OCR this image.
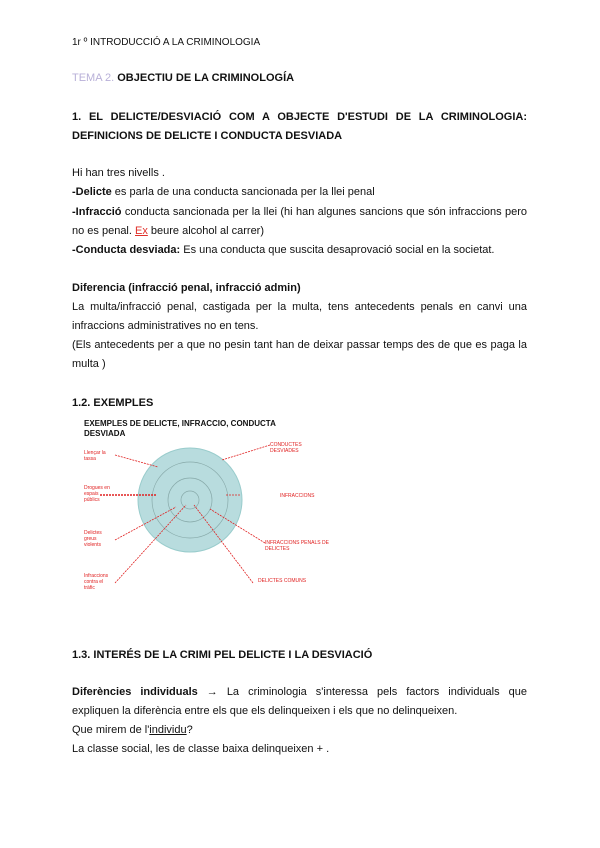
1r º INTRODUCCIÓ A LA CRIMINOLOGIA
TEMA 2. OBJECTIU DE LA CRIMINOLOGÍA
1. EL DELICTE/DESVIACIÓ COM A OBJECTE D'ESTUDI DE LA CRIMINOLOGIA:
DEFINICIONS DE DELICTE I CONDUCTA DESVIADA
Hi han tres nivells .
-Delicte es parla de una conducta sancionada per la llei penal
-Infracció conducta sancionada per la llei (hi han algunes sancions que són infraccions pero
no es penal. Ex beure alcohol al carrer)
-Conducta desviada: Es una conducta que suscita desaprovació social en la societat.
Diferencia (infracció penal, infracció admin)
La multa/infracció penal, castigada per la multa, tens antecedents penals en canvi una
infraccions administratives no en tens.
(Els antecedents per a que no pesin tant han de deixar passar temps des de que es paga la
multa )
1.2. EXEMPLES
EXEMPLES DE DELICTE, INFRACCIO, CONDUCTA
DESVIADA
Llençar la tassa
Drogues en espais públics
Delictes greus violents
Infraccions contra el tràfic
CONDUCTES DESVIADES
INFRACCIONS
INFRACCIONS PENALS DE DELICTES
DELICTES COMUNS
1.3. INTERÉS DE LA CRIMI PEL DELICTE I LA DESVIACIÓ
Diferències individuals → La criminologia s'interessa pels factors individuals que
expliquen la diferència entre els que els delinqueixen i els que no delinqueixen.
Que mirem de l'individu?
La classe social, les de classe baixa delinqueixen + .
